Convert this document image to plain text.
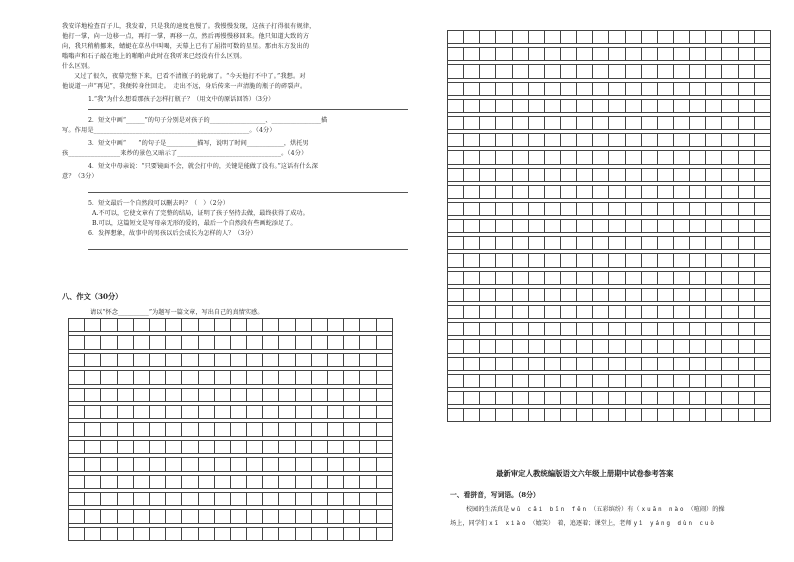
我安详地检查百子儿，我发着，只是我的速度也慢了。我慢慢发现，这孩子打得很有规律，

他打一掌，向一边移一点，再打一掌，再移一点，然后再慢慢移回来。他只知道大致的方

向，我只稍稍挪来，蜻蜓在草丛中叫喝，天幕上已有了屈指可数的星星。那由东方发出的

嗡嗡声和石子敲在地上的啪啪声此时在我听来已经没有什么区别。

什么区别。

又过了很久，夜幕完整下来，已看不清瓶子的轮廓了。“今天他打不中了。”我想。对

他说道一声“再见”，我便转身往回走。　走出不远，身后传来一声清脆的瓶子的碎裂声。

1.“我”为什么想看那孩子怎样打瓶子？（用文中的原话回答）（3分）

2．短文中画“______”的句子分别是对孩子的__________________、________________描

写。作用是________________________________________________。（4分）

3．短文中画“　　”的句子是__________描写，说明了时间____________，烘托男

孩________________来炒的景色又暗示了________________________________。（4分）

4．短文中母亲说：“只要镜面不会，就会打中的，关键是能做了没有。”这话有什么深

意？（3分）

5．短文最后一个自然段可以删去吗？（　）（2分）

A.不可以，它使文章有了完整的结局，证明了孩子坚持去做，最终获得了成功。

B.可以，这篇短文是写母亲无形的爱的，最后一个自然段有些画蛇添足了。

6．发挥想象，故事中的男孩以后会成长为怎样的人？（3分）

八、作文（30分）
请以“怀念__________”为题写一篇文章，写出自己的真情实感。
最新审定人教统编版语文六年级上册期中试卷参考答案
一、看拼音，写词语。（8分）
校园的生活真是 wǔ cǎi bīn fēn （五彩缤纷）有（ xuān nào （喧闹）的操
场上，同学们 xī xiào （嬉笑）　着，追逐着；课堂上，老师 yì yáng dùn cuò
